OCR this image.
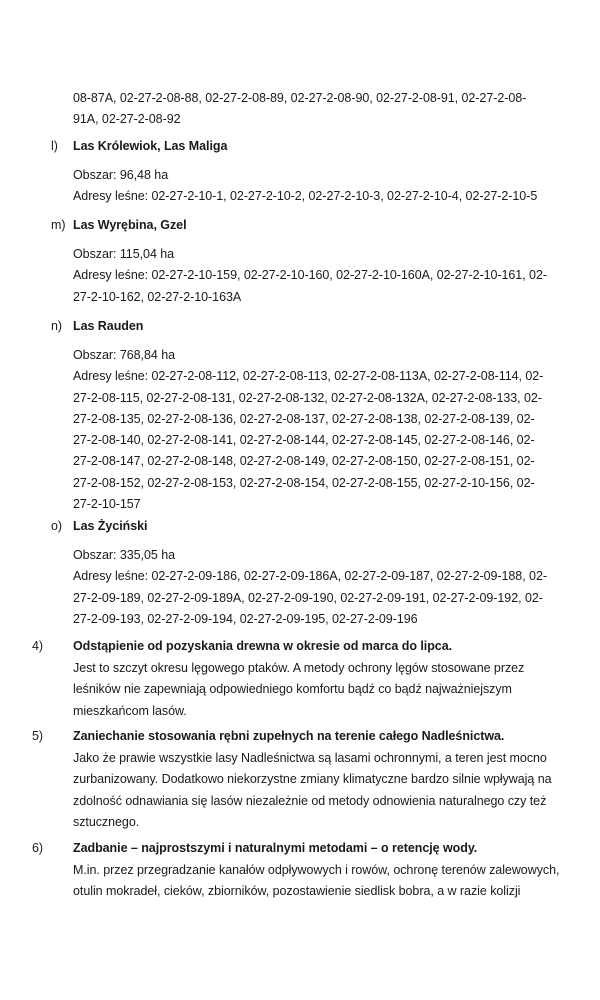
08-87A, 02-27-2-08-88, 02-27-2-08-89, 02-27-2-08-90, 02-27-2-08-91, 02-27-2-08-
91A, 02-27-2-08-92
l) Las Królewiok, Las Maliga
Obszar: 96,48 ha
Adresy leśne: 02-27-2-10-1, 02-27-2-10-2, 02-27-2-10-3, 02-27-2-10-4, 02-27-2-10-5
m) Las Wyrębina, Gzel
Obszar: 115,04 ha
Adresy leśne: 02-27-2-10-159, 02-27-2-10-160, 02-27-2-10-160A, 02-27-2-10-161, 02-
27-2-10-162, 02-27-2-10-163A
n) Las Rauden
Obszar: 768,84 ha
Adresy leśne: 02-27-2-08-112, 02-27-2-08-113, 02-27-2-08-113A, 02-27-2-08-114, 02-
27-2-08-115, 02-27-2-08-131, 02-27-2-08-132, 02-27-2-08-132A, 02-27-2-08-133, 02-
27-2-08-135, 02-27-2-08-136, 02-27-2-08-137, 02-27-2-08-138, 02-27-2-08-139, 02-
27-2-08-140, 02-27-2-08-141, 02-27-2-08-144, 02-27-2-08-145, 02-27-2-08-146, 02-
27-2-08-147, 02-27-2-08-148, 02-27-2-08-149, 02-27-2-08-150, 02-27-2-08-151, 02-
27-2-08-152, 02-27-2-08-153, 02-27-2-08-154, 02-27-2-08-155, 02-27-2-10-156, 02-
27-2-10-157
o) Las Życiński
Obszar: 335,05 ha
Adresy leśne: 02-27-2-09-186, 02-27-2-09-186A, 02-27-2-09-187, 02-27-2-09-188, 02-
27-2-09-189, 02-27-2-09-189A, 02-27-2-09-190, 02-27-2-09-191, 02-27-2-09-192, 02-
27-2-09-193, 02-27-2-09-194, 02-27-2-09-195, 02-27-2-09-196
4) Odstąpienie od pozyskania drewna w okresie od marca do lipca.
Jest to szczyt okresu lęgowego ptaków. A metody ochrony lęgów stosowane przez
leśników nie zapewniają odpowiedniego komfortu bądź co bądź najważniejszym
mieszkańcom lasów.
5) Zaniechanie stosowania rębni zupełnych na terenie całego Nadleśnictwa.
Jako że prawie wszystkie lasy Nadleśnictwa są lasami ochronnymi, a teren jest mocno
zurbanizowany. Dodatkowo niekorzystne zmiany klimatyczne bardzo silnie wpływają na
zdolność odnawiania się lasów niezależnie od metody odnowienia naturalnego czy też
sztucznego.
6) Zadbanie – najprostszymi i naturalnymi metodami – o retencję wody.
M.in. przez przegradzanie kanałów odpływowych i rowów, ochronę terenów zalewowych,
otulin mokradeł, cieków, zbiorników, pozostawienie siedlisk bobra, a w razie kolizji
